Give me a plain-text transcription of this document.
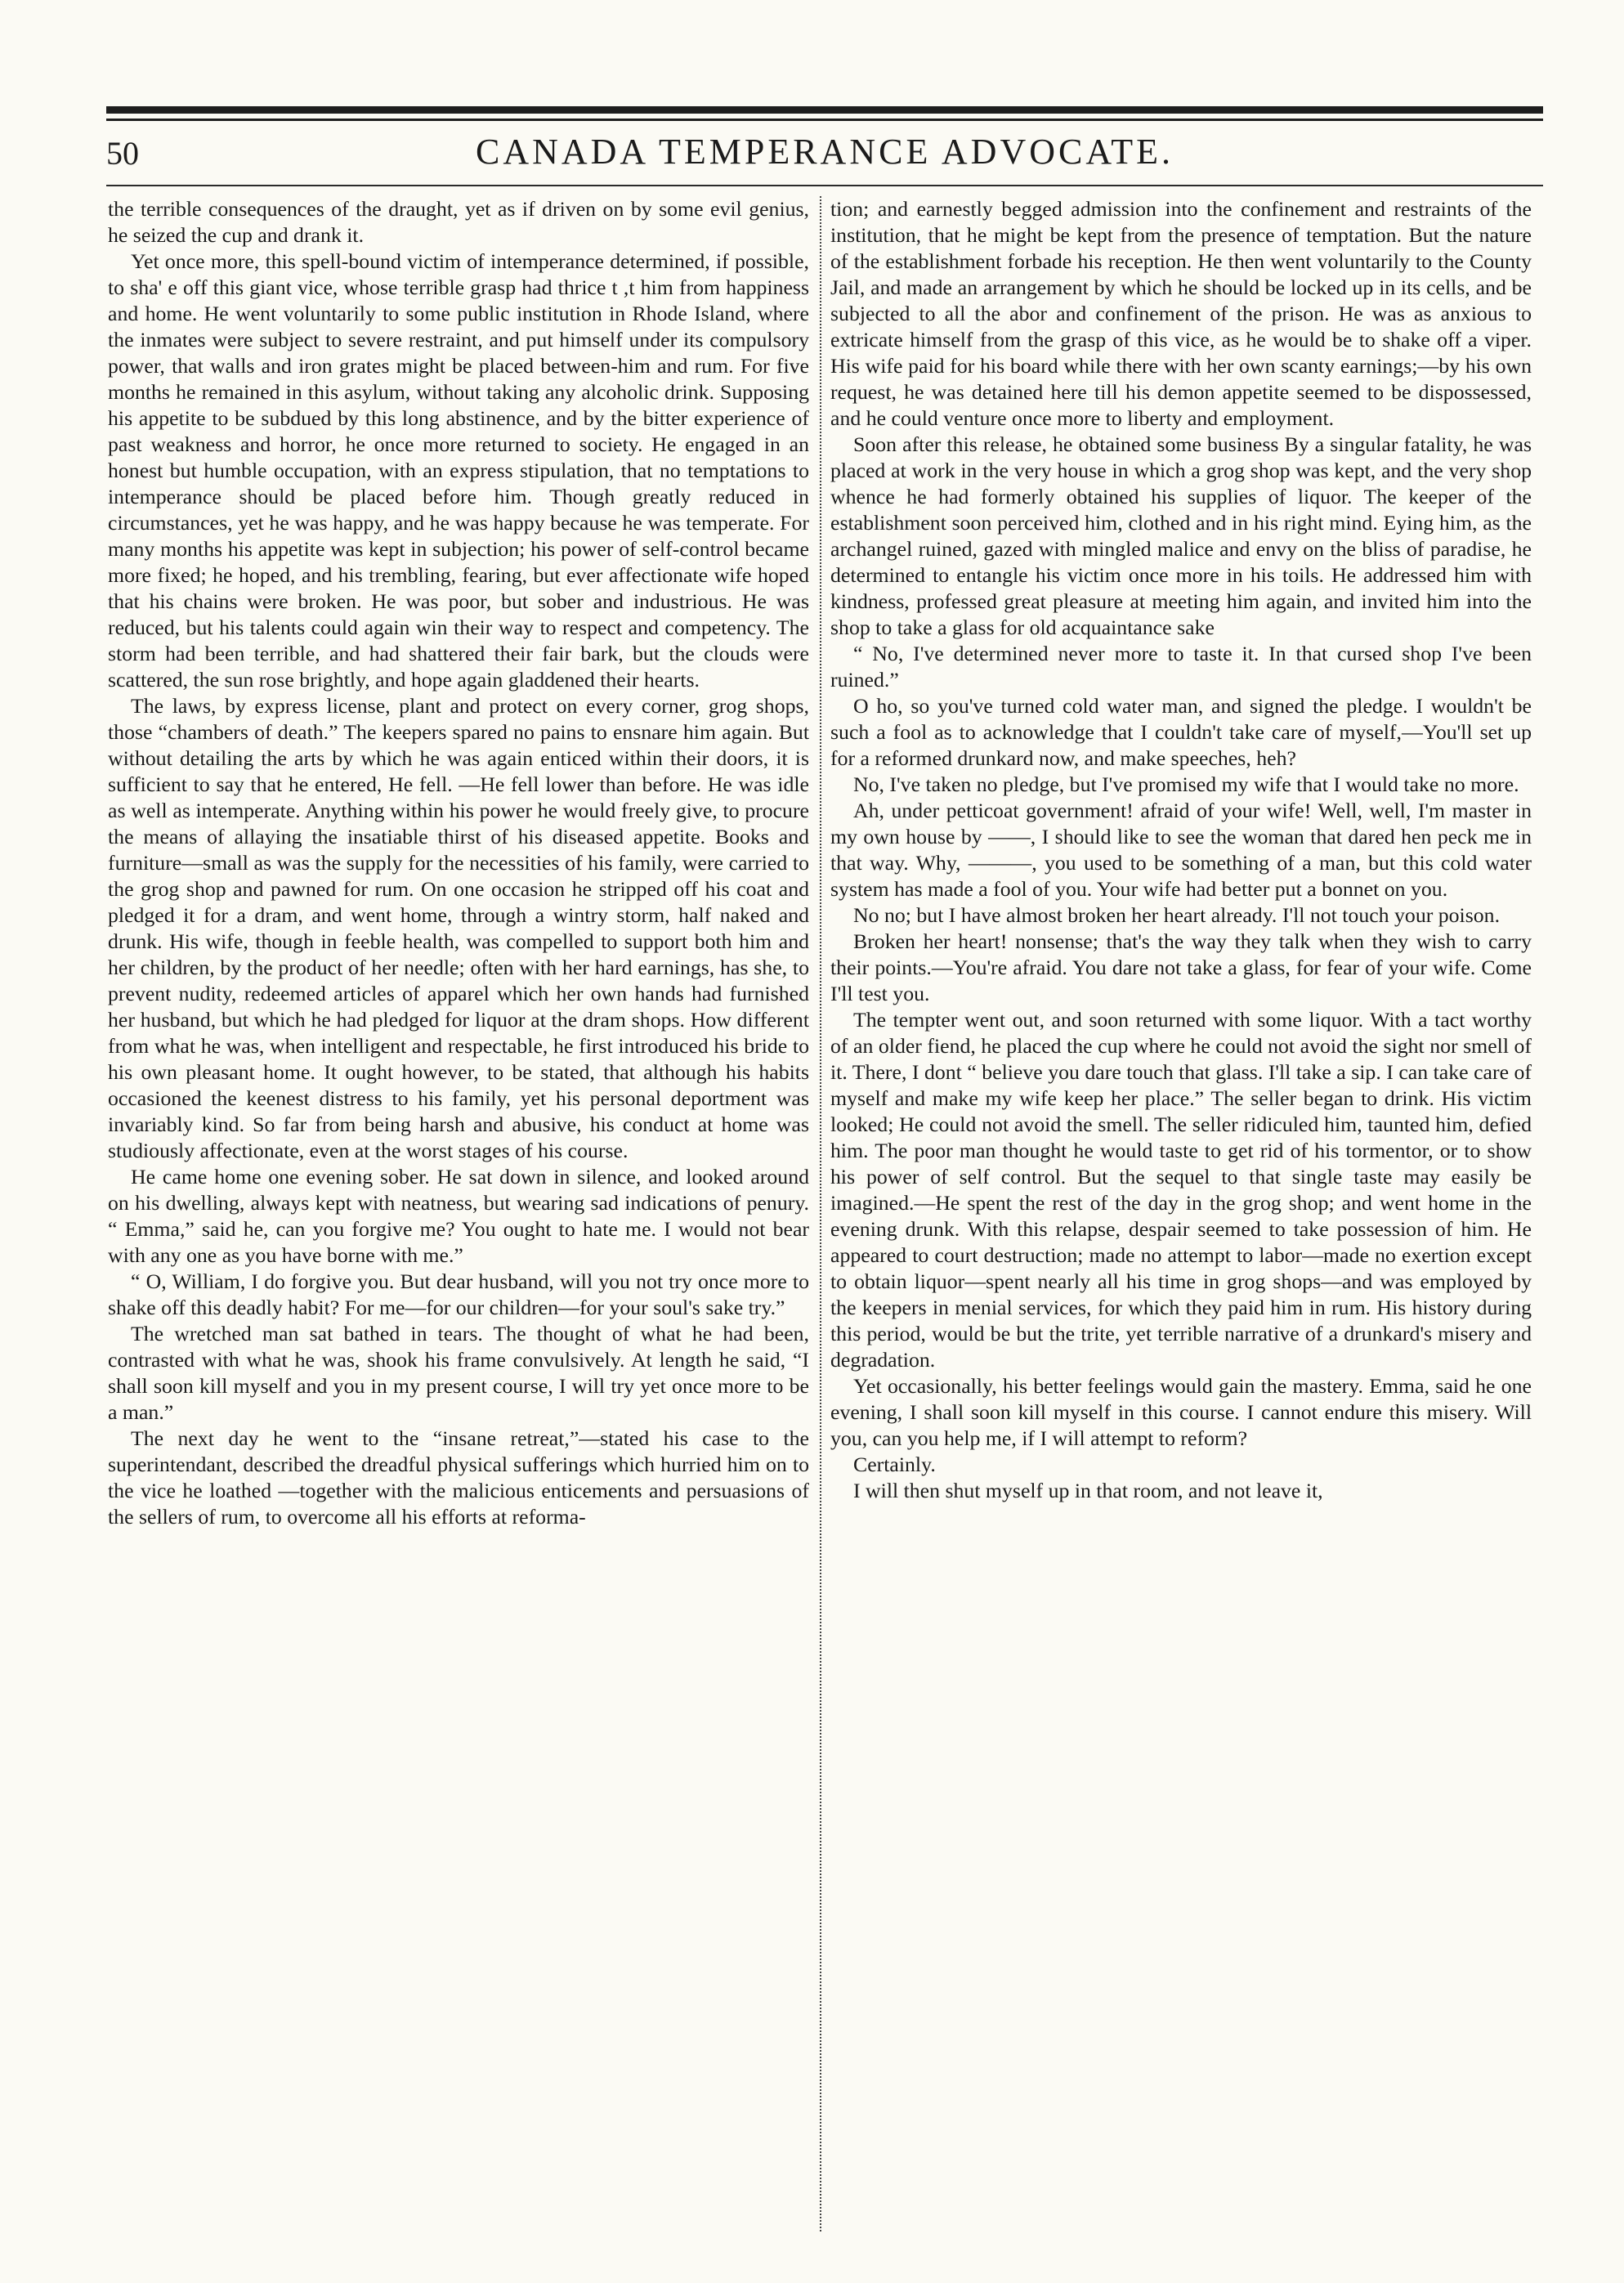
50	CANADA TEMPERANCE ADVOCATE.

the terrible consequences of the draught, yet as if driven on by some evil genius, he seized the cup and drank it.

Yet once more, this spell-bound victim of intemperance determined, if possible, to sha' e off this giant vice, whose terrible grasp had thrice t ,t him from happiness and home. He went voluntarily to some public institution in Rhode Island, where the inmates were subject to severe restraint, and put himself under its compulsory power, that walls and iron grates might be placed between-him and rum. For five months he remained in this asylum, without taking any alcoholic drink. Supposing his appetite to be subdued by this long abstinence, and by the bitter experience of past weakness and horror, he once more returned to society. He engaged in an honest but humble occupation, with an express stipulation, that no temptations to intemperance should be placed before him. Though greatly reduced in circumstances, yet he was happy, and he was happy because he was temperate. For many months his appetite was kept in subjection; his power of self-control became more fixed; he hoped, and his trembling, fearing, but ever affectionate wife hoped that his chains were broken. He was poor, but sober and industrious. He was reduced, but his talents could again win their way to respect and competency. The storm had been terrible, and had shattered their fair bark, but the clouds were scattered, the sun rose brightly, and hope again gladdened their hearts.

The laws, by express license, plant and protect on every corner, grog shops, those “chambers of death.” The keepers spared no pains to ensnare him again. But without detailing the arts by which he was again enticed within their doors, it is sufficient to say that he entered, He fell. —He fell lower than before. He was idle as well as intemperate. Anything within his power he would freely give, to procure the means of allaying the insatiable thirst of his diseased appetite. Books and furniture—small as was the supply for the necessities of his family, were carried to the grog shop and pawned for rum. On one occasion he stripped off his coat and pledged it for a dram, and went home, through a wintry storm, half naked and drunk. His wife, though in feeble health, was compelled to support both him and her children, by the product of her needle; often with her hard earnings, has she, to prevent nudity, redeemed articles of apparel which her own hands had furnished her husband, but which he had pledged for liquor at the dram shops. How different from what he was, when intelligent and respectable, he first introduced his bride to his own pleasant home. It ought however, to be stated, that although his habits occasioned the keenest distress to his family, yet his personal deportment was invariably kind. So far from being harsh and abusive, his conduct at home was studiously affectionate, even at the worst stages of his course.

He came home one evening sober. He sat down in silence, and looked around on his dwelling, always kept with neatness, but wearing sad indications of penury. “ Emma,” said he, can you forgive me? You ought to hate me. I would not bear with any one as you have borne with me.”

“ O, William, I do forgive you. But dear husband, will you not try once more to shake off this deadly habit? For me—for our children—for your soul's sake try.”

The wretched man sat bathed in tears. The thought of what he had been, contrasted with what he was, shook his frame convulsively. At length he said, “I shall soon kill myself and you in my present course, I will try yet once more to be a man.”

The next day he went to the “insane retreat,”—stated his case to the superintendant, described the dreadful physical sufferings which hurried him on to the vice he loathed —together with the malicious enticements and persuasions of the sellers of rum, to overcome all his efforts at reforma-

tion; and earnestly begged admission into the confinement and restraints of the institution, that he might be kept from the presence of temptation. But the nature of the establishment forbade his reception. He then went voluntarily to the County Jail, and made an arrangement by which he should be locked up in its cells, and be subjected to all the abor and confinement of the prison. He was as anxious to extricate himself from the grasp of this vice, as he would be to shake off a viper. His wife paid for his board while there with her own scanty earnings;—by his own request, he was detained here till his demon appetite seemed to be dispossessed, and he could venture once more to liberty and employment.

Soon after this release, he obtained some business By a singular fatality, he was placed at work in the very house in which a grog shop was kept, and the very shop whence he had formerly obtained his supplies of liquor. The keeper of the establishment soon perceived him, clothed and in his right mind. Eying him, as the archangel ruined, gazed with mingled malice and envy on the bliss of paradise, he determined to entangle his victim once more in his toils. He addressed him with kindness, professed great pleasure at meeting him again, and invited him into the shop to take a glass for old acquaintance sake

“ No, I've determined never more to taste it. In that cursed shop I've been ruined.”

O ho, so you've turned cold water man, and signed the pledge. I wouldn't be such a fool as to acknowledge that I couldn't take care of myself,—You'll set up for a reformed drunkard now, and make speeches, heh?

No, I've taken no pledge, but I've promised my wife that I would take no more.

Ah, under petticoat government! afraid of your wife! Well, well, I'm master in my own house by ——, I should like to see the woman that dared hen peck me in that way. Why, ———, you used to be something of a man, but this cold water system has made a fool of you. Your wife had better put a bonnet on you.

No no; but I have almost broken her heart already. I'll not touch your poison.

Broken her heart! nonsense; that's the way they talk when they wish to carry their points.—You're afraid. You dare not take a glass, for fear of your wife. Come I'll test you.

The tempter went out, and soon returned with some liquor. With a tact worthy of an older fiend, he placed the cup where he could not avoid the sight nor smell of it. There, I dont “ believe you dare touch that glass. I'll take a sip. I can take care of myself and make my wife keep her place.” The seller began to drink. His victim looked; He could not avoid the smell. The seller ridiculed him, taunted him, defied him. The poor man thought he would taste to get rid of his tormentor, or to show his power of self control. But the sequel to that single taste may easily be imagined.—He spent the rest of the day in the grog shop; and went home in the evening drunk. With this relapse, despair seemed to take possession of him. He appeared to court destruction; made no attempt to labor—made no exertion except to obtain liquor—spent nearly all his time in grog shops—and was employed by the keepers in menial services, for which they paid him in rum. His history during this period, would be but the trite, yet terrible narrative of a drunkard's misery and degradation.

Yet occasionally, his better feelings would gain the mastery. Emma, said he one evening, I shall soon kill myself in this course. I cannot endure this misery. Will you, can you help me, if I will attempt to reform?

Certainly.

I will then shut myself up in that room, and not leave it,
